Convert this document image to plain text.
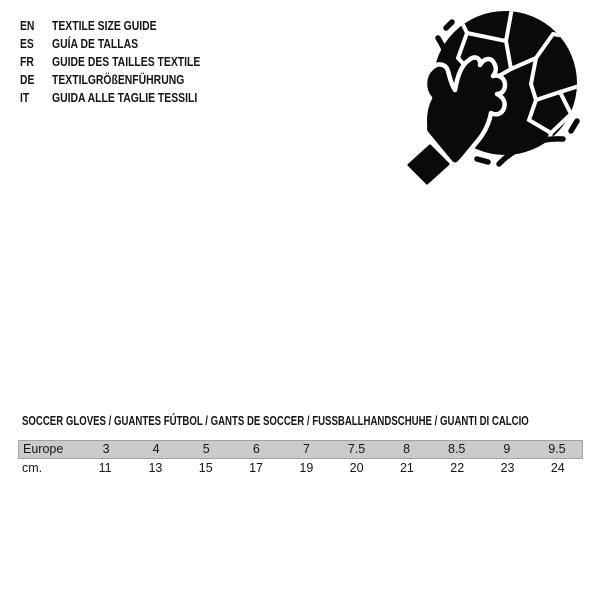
EN TEXTILE SIZE GUIDE
ES GUÍA DE TALLAS
FR GUIDE DES TAILLES TEXTILE
DE TEXTILGRÖßENFÜHRUNG
IT GUIDA ALLE TAGLIE TESSILI
SOCCER GLOVES / GUANTES FÚTBOL / GANTS DE SOCCER / FUSSBALLHANDSCHUHE / GUANTI DI CALCIO
Europe	3	4	5	6	7	7.5	8	8.5	9	9.5
cm.	11	13	15	17	19	20	21	22	23	24
